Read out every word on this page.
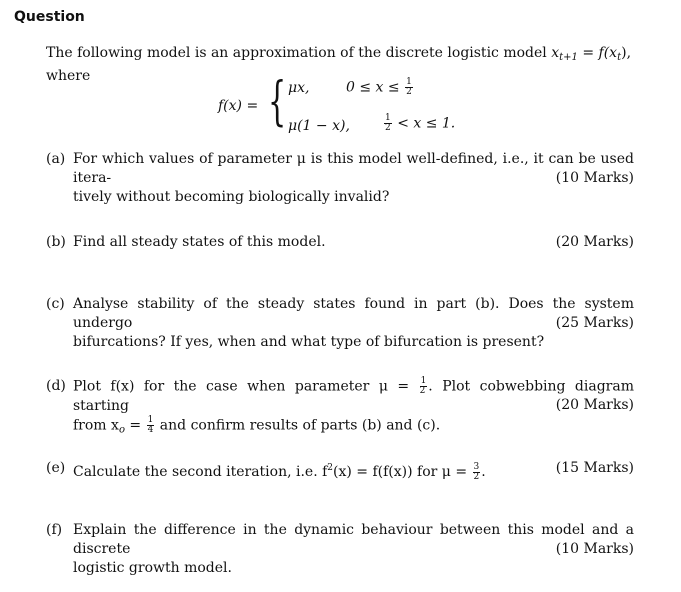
Question
The following model is an approximation of the discrete logistic model $x_{t+1} = f(x_t)$,
where
f(x) = { μx,	$0 \le x \le \frac{1}{2}$
μ(1 − x),	$\frac{1}{2} < x \le 1$.
(a) For which values of parameter μ is this model well-defined, i.e., it can be used itera-
tively without becoming biologically invalid?
(10 Marks)
(b) Find all steady states of this model.	(20 Marks)
(c) Analyse stability of the steady states found in part (b). Does the system undergo
bifurcations? If yes, when and what type of bifurcation is present?
(25 Marks)
(d) Plot f(x) for the case when parameter $\mu = \frac{1}{2}$ . Plot cobwebbing diagram starting
from $x_o = \frac{1}{4}$ and confirm results of parts (b) and (c).
(20 Marks)
(e) Calculate the second iteration, i.e. $f^2(x) = f(f(x))$ for $\mu = \frac{3}{2}$ .	(15 Marks)
(f) Explain the difference in the dynamic behaviour between this model and a discrete
logistic growth model.
(10 Marks)
